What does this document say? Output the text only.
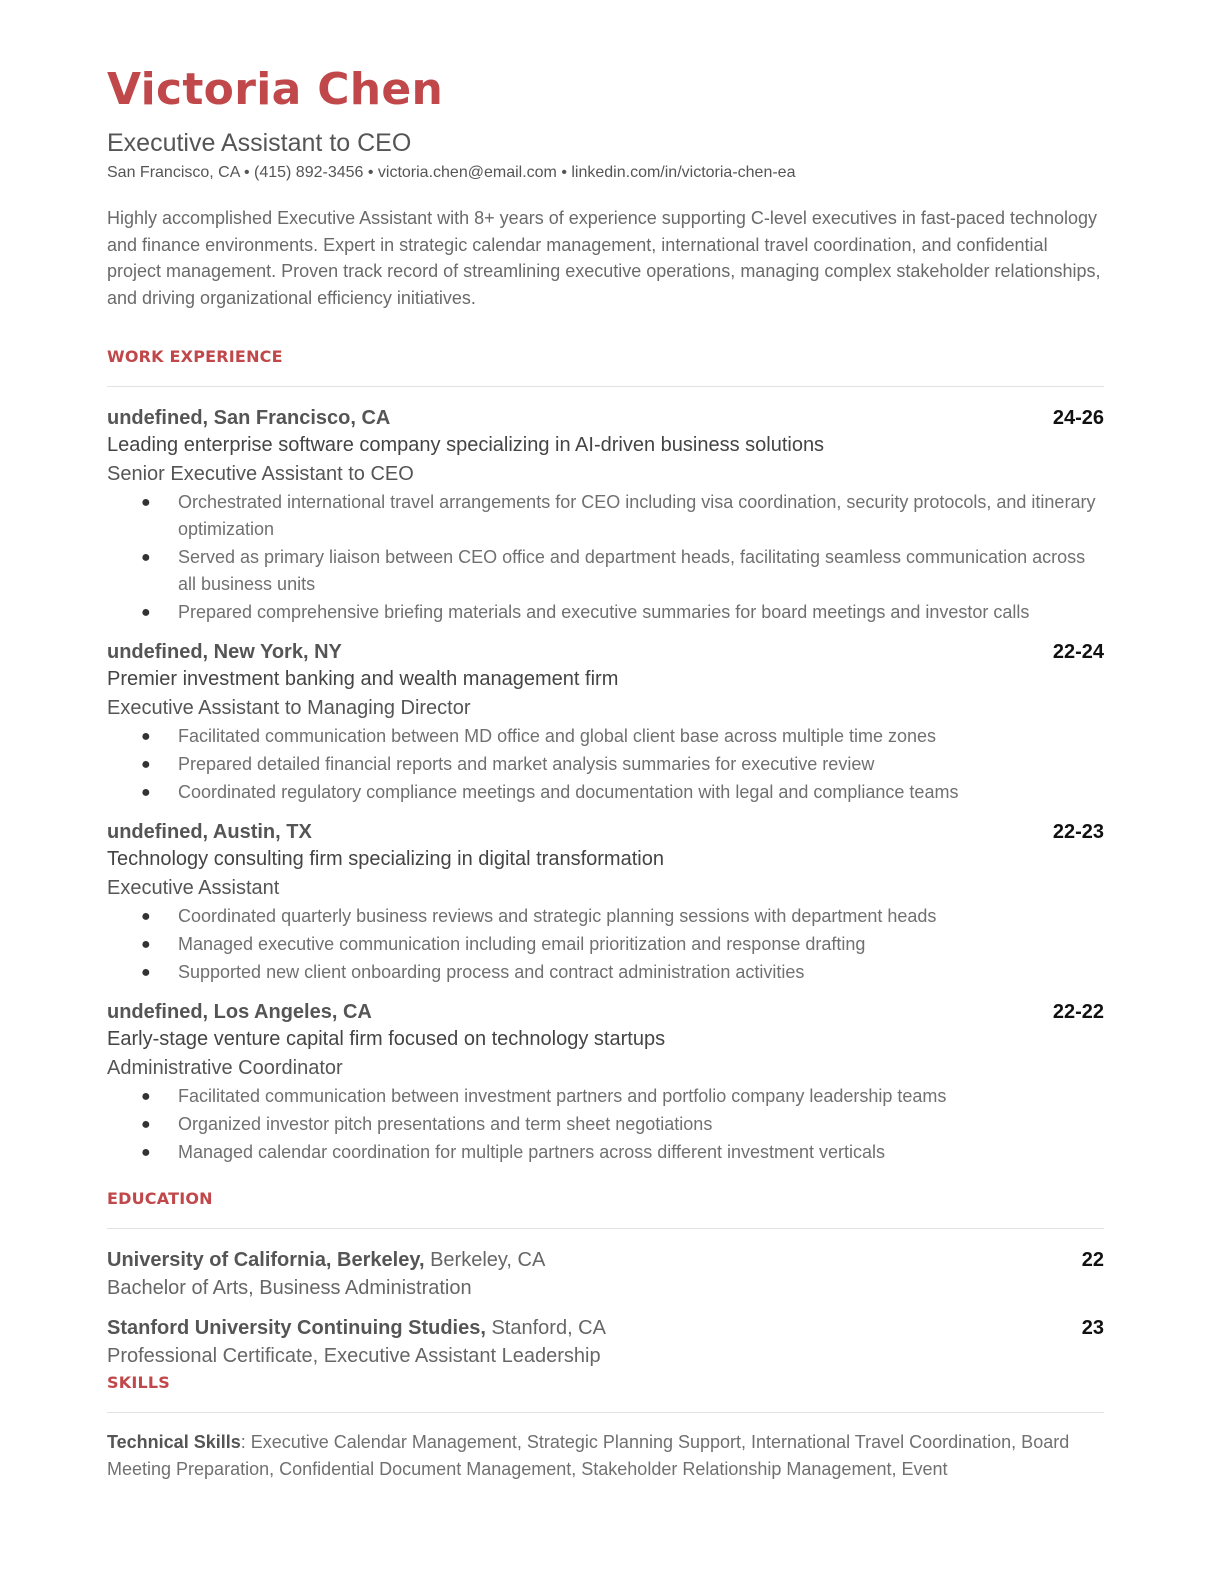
Victoria Chen
Executive Assistant to CEO
San Francisco, CA • (415) 892-3456 • victoria.chen@email.com • linkedin.com/in/victoria-chen-ea
Highly accomplished Executive Assistant with 8+ years of experience supporting C-level executives in fast-paced technology and finance environments. Expert in strategic calendar management, international travel coordination, and confidential project management. Proven track record of streamlining executive operations, managing complex stakeholder relationships, and driving organizational efficiency initiatives.
WORK EXPERIENCE
undefined, San Francisco, CA	24-26
Leading enterprise software company specializing in AI-driven business solutions
Senior Executive Assistant to CEO
● Orchestrated international travel arrangements for CEO including visa coordination, security protocols, and itinerary optimization
● Served as primary liaison between CEO office and department heads, facilitating seamless communication across all business units
● Prepared comprehensive briefing materials and executive summaries for board meetings and investor calls
undefined, New York, NY	22-24
Premier investment banking and wealth management firm
Executive Assistant to Managing Director
● Facilitated communication between MD office and global client base across multiple time zones
● Prepared detailed financial reports and market analysis summaries for executive review
● Coordinated regulatory compliance meetings and documentation with legal and compliance teams
undefined, Austin, TX	22-23
Technology consulting firm specializing in digital transformation
Executive Assistant
● Coordinated quarterly business reviews and strategic planning sessions with department heads
● Managed executive communication including email prioritization and response drafting
● Supported new client onboarding process and contract administration activities
undefined, Los Angeles, CA	22-22
Early-stage venture capital firm focused on technology startups
Administrative Coordinator
● Facilitated communication between investment partners and portfolio company leadership teams
● Organized investor pitch presentations and term sheet negotiations
● Managed calendar coordination for multiple partners across different investment verticals
EDUCATION
University of California, Berkeley, Berkeley, CA	22
Bachelor of Arts, Business Administration
Stanford University Continuing Studies, Stanford, CA	23
Professional Certificate, Executive Assistant Leadership
SKILLS
Technical Skills: Executive Calendar Management, Strategic Planning Support, International Travel Coordination, Board Meeting Preparation, Confidential Document Management, Stakeholder Relationship Management, Event
